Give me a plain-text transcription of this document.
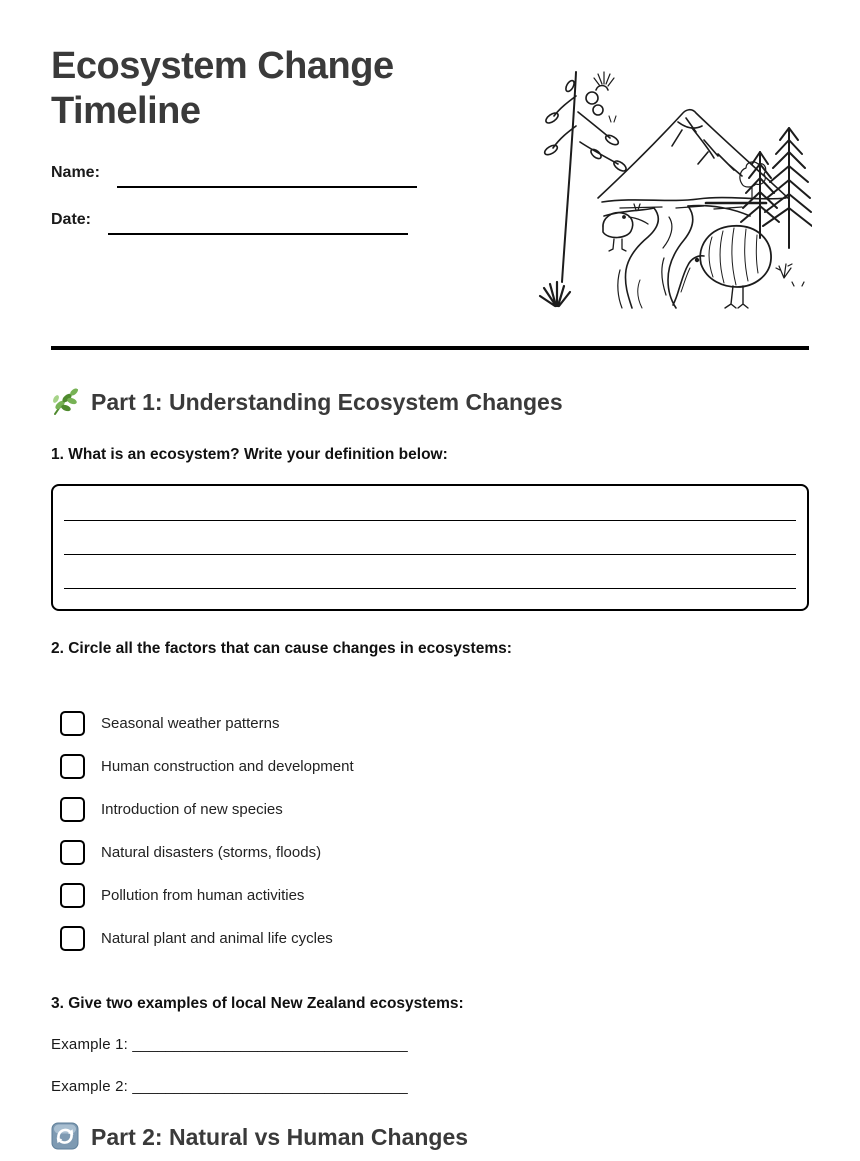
Ecosystem Change Timeline
Name:
Date:
Part 1: Understanding Ecosystem Changes
1. What is an ecosystem? Write your definition below:
2. Circle all the factors that can cause changes in ecosystems:
Seasonal weather patterns
Human construction and development
Introduction of new species
Natural disasters (storms, floods)
Pollution from human activities
Natural plant and animal life cycles
3. Give two examples of local New Zealand ecosystems:
Example 1: _________________________________
Example 2: _________________________________
Part 2: Natural vs Human Changes
